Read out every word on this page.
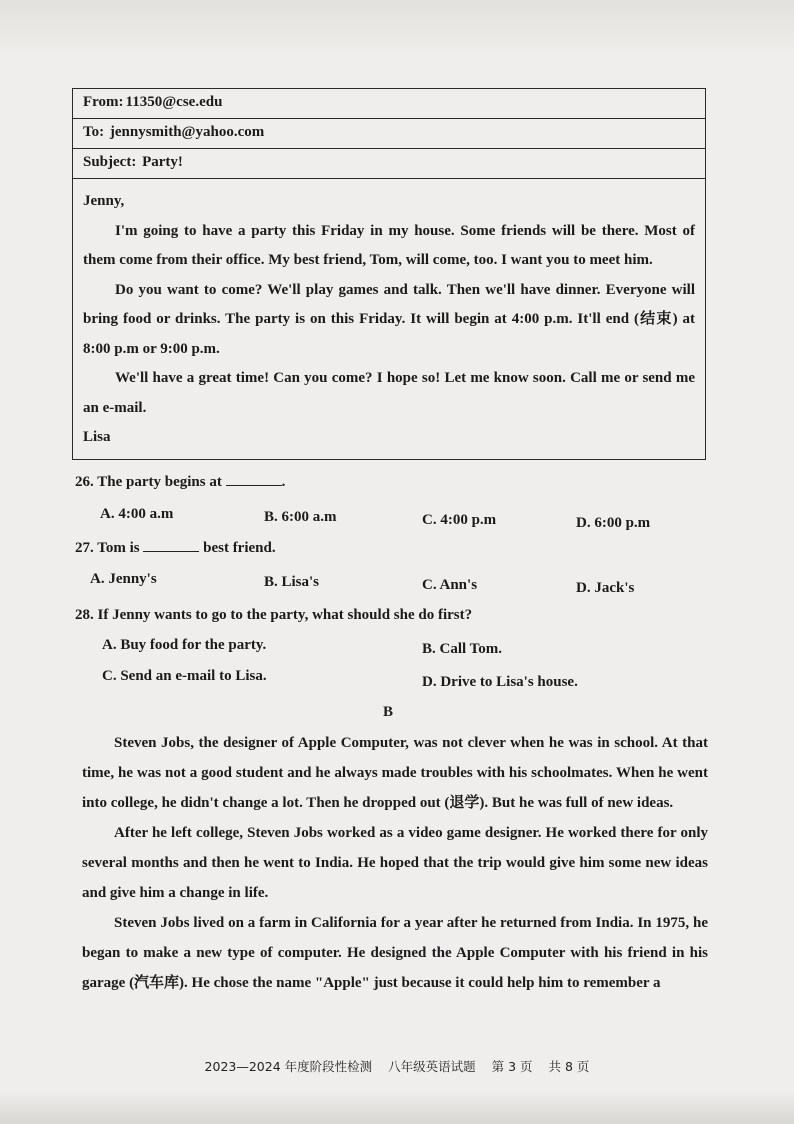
From: 11350@cse.edu
To: jennysmith@yahoo.com
Subject: Party!

Jenny,

I'm going to have a party this Friday in my house. Some friends will be there. Most of them come from their office. My best friend, Tom, will come, too. I want you to meet him.

Do you want to come? We'll play games and talk. Then we'll have dinner. Everyone will bring food or drinks. The party is on this Friday. It will begin at 4:00 p.m. It'll end (结束) at 8:00 p.m or 9:00 p.m.

We'll have a great time! Can you come? I hope so! Let me know soon. Call me or send me an e-mail.

Lisa

26. The party begins at	.
A. 4:00 a.m	B. 6:00 a.m	C. 4:00 p.m	D. 6:00 p.m
27. Tom is	best friend.
A. Jenny's	B. Lisa's	C. Ann's	D. Jack's
28. If Jenny wants to go to the party, what should she do first?
A. Buy food for the party.	B. Call Tom.
C. Send an e-mail to Lisa.	D. Drive to Lisa's house.
B

Steven Jobs, the designer of Apple Computer, was not clever when he was in school. At that time, he was not a good student and he always made troubles with his schoolmates. When he went into college, he didn't change a lot. Then he dropped out (退学). But he was full of new ideas.

After he left college, Steven Jobs worked as a video game designer. He worked there for only several months and then he went to India. He hoped that the trip would give him some new ideas and give him a change in life.

Steven Jobs lived on a farm in California for a year after he returned from India. In 1975, he began to make a new type of computer. He designed the Apple Computer with his friend in his garage (汽车库). He chose the name "Apple" just because it could help him to remember a

2023—2024 年度阶段性检测 八年级英语试题 第 3 页 共 8 页
